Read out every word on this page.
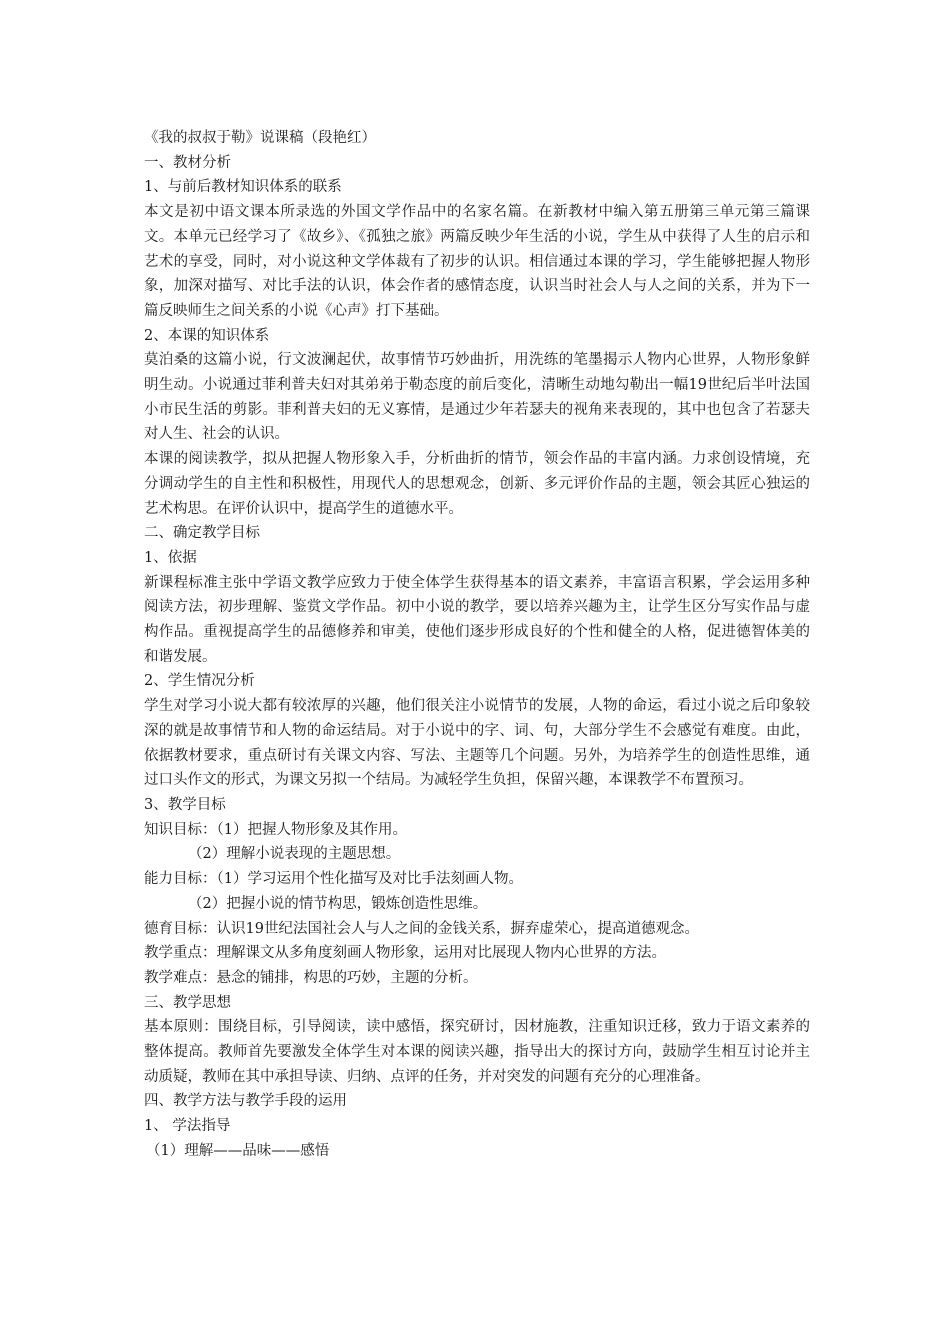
《我的叔叔于勒》说课稿（段艳红）

一、教材分析

1、与前后教材知识体系的联系

本文是初中语文课本所录选的外国文学作品中的名家名篇。在新教材中编入第五册第三单元第三篇课文。本单元已经学习了《故乡》、《孤独之旅》两篇反映少年生活的小说，学生从中获得了人生的启示和艺术的享受，同时，对小说这种文学体裁有了初步的认识。相信通过本课的学习，学生能够把握人物形象，加深对描写、对比手法的认识，体会作者的感情态度，认识当时社会人与人之间的关系，并为下一篇反映师生之间关系的小说《心声》打下基础。

2、本课的知识体系

莫泊桑的这篇小说，行文波澜起伏，故事情节巧妙曲折，用洗练的笔墨揭示人物内心世界，人物形象鲜明生动。小说通过菲利普夫妇对其弟弟于勒态度的前后变化，清晰生动地勾勒出一幅19世纪后半叶法国小市民生活的剪影。菲利普夫妇的无义寡情，是通过少年若瑟夫的视角来表现的，其中也包含了若瑟夫对人生、社会的认识。

本课的阅读教学，拟从把握人物形象入手，分析曲折的情节，领会作品的丰富内涵。力求创设情境，充分调动学生的自主性和积极性，用现代人的思想观念，创新、多元评价作品的主题，领会其匠心独运的艺术构思。在评价认识中，提高学生的道德水平。

二、确定教学目标

1、依据

新课程标准主张中学语文教学应致力于使全体学生获得基本的语文素养，丰富语言积累，学会运用多种阅读方法，初步理解、鉴赏文学作品。初中小说的教学，要以培养兴趣为主，让学生区分写实作品与虚构作品。重视提高学生的品德修养和审美，使他们逐步形成良好的个性和健全的人格，促进德智体美的和谐发展。

2、学生情况分析

学生对学习小说大都有较浓厚的兴趣，他们很关注小说情节的发展，人物的命运，看过小说之后印象较深的就是故事情节和人物的命运结局。对于小说中的字、词、句，大部分学生不会感觉有难度。由此，依据教材要求，重点研讨有关课文内容、写法、主题等几个问题。另外，为培养学生的创造性思维，通过口头作文的形式，为课文另拟一个结局。为减轻学生负担，保留兴趣，本课教学不布置预习。

3、教学目标

知识目标：（1）把握人物形象及其作用。

（2）理解小说表现的主题思想。

能力目标：（1）学习运用个性化描写及对比手法刻画人物。

（2）把握小说的情节构思，锻炼创造性思维。

德育目标：认识19世纪法国社会人与人之间的金钱关系，摒弃虚荣心，提高道德观念。

教学重点：理解课文从多角度刻画人物形象，运用对比展现人物内心世界的方法。

教学难点：悬念的铺排，构思的巧妙，主题的分析。

三、教学思想

基本原则：围绕目标，引导阅读，读中感悟，探究研讨，因材施教，注重知识迁移，致力于语文素养的整体提高。教师首先要激发全体学生对本课的阅读兴趣，指导出大的探讨方向，鼓励学生相互讨论并主动质疑，教师在其中承担导读、归纳、点评的任务，并对突发的问题有充分的心理准备。

四、教学方法与教学手段的运用

1、 学法指导

（1）理解——品味——感悟
